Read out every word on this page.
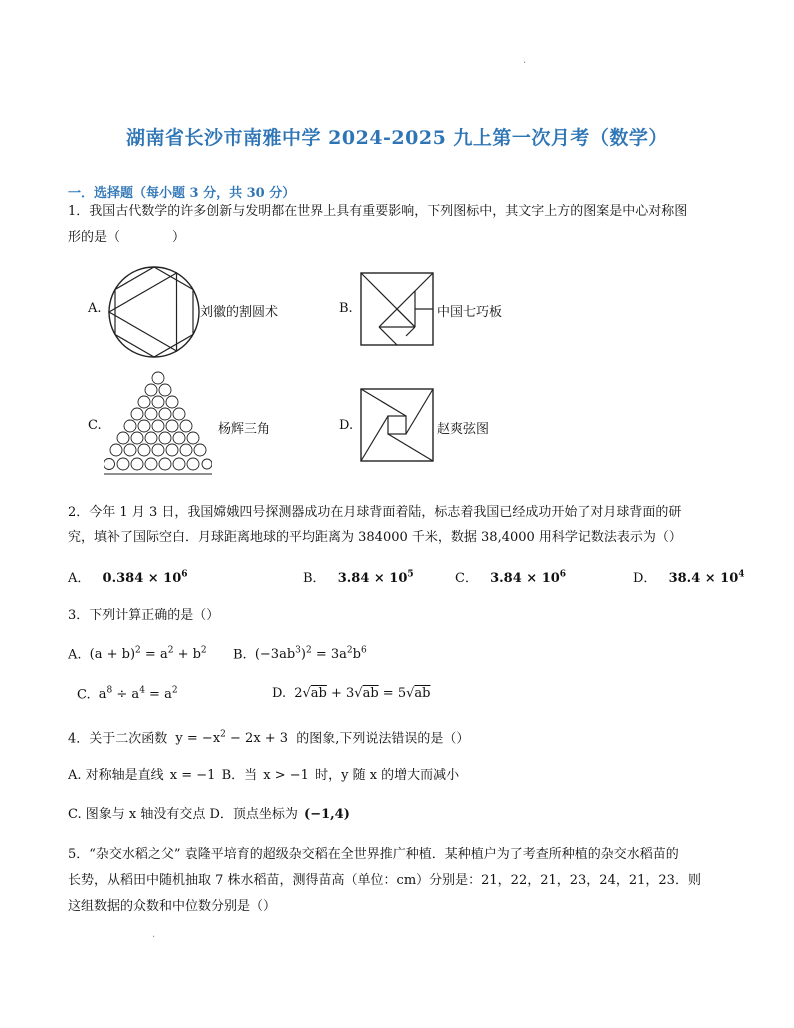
·
·
湖南省长沙市南雅中学 2024-2025 九上第一次月考（数学）
一．选择题（每小题 3 分，共 30 分）
1．我国古代数学的许多创新与发明都在世界上具有重要影响，下列图标中，其文字上方的图案是中心对称图
形的是（　　　　）
A.	刘徽的割圆术	B.	中国七巧板
C.	杨辉三角	D.	赵爽弦图
2．今年 1 月 3 日，我国嫦娥四号探测器成功在月球背面着陆，标志着我国已经成功开始了对月球背面的研
究，填补了国际空白．月球距离地球的平均距离为 384000 千米，数据 38,4000 用科学记数法表示为（）
A． $0.384 \times 10^6$	B． $3.84 \times 10^5$	C． $3.84 \times 10^6$	D． $38.4 \times 10^4$
3．下列计算正确的是（）
A. $(a + b)^2 = a^2 + b^2$ B. $(-3ab^3)^2 = 3a^2b^6$
C. $a^8 \div a^4 = a^2$	D. 2√ab + 3√ab = 5√ab
4．关于二次函数 $y = -x^2 - 2x + 3$ 的图象,下列说法错误的是（）
A. 对称轴是直线 x = −1 B．当 x > −1 时，y 随 x 的增大而减小
C. 图象与 x 轴没有交点 D．顶点坐标为 (−1,4)
5．“杂交水稻之父” 袁隆平培育的超级杂交稻在全世界推广种植．某种植户为了考查所种植的杂交水稻苗的
长势，从稻田中随机抽取 7 株水稻苗，测得苗高（单位：cm）分别是：21，22，21，23，24，21，23．则
这组数据的众数和中位数分别是（）
